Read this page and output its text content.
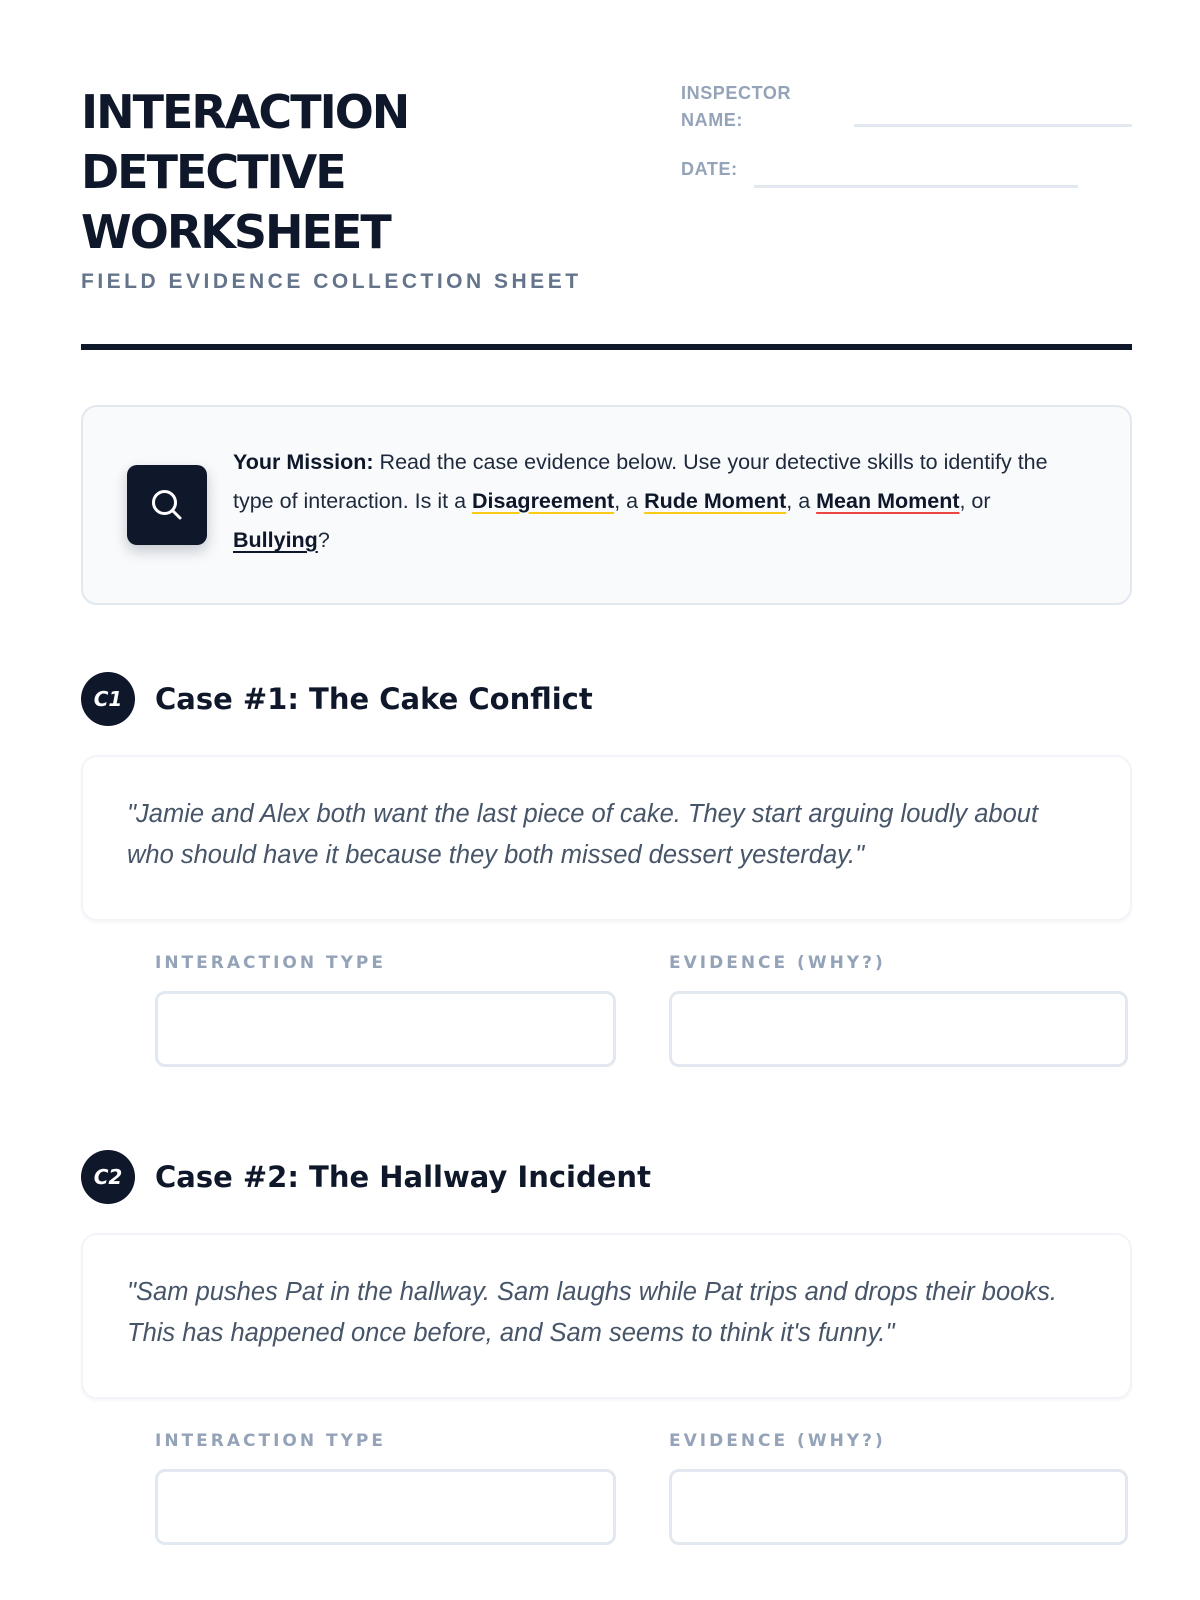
INTERACTION
DETECTIVE
WORKSHEET

FIELD EVIDENCE COLLECTION SHEET

INSPECTOR
NAME:
DATE:

Your Mission: Read the case evidence below. Use your detective skills to identify the type of interaction. Is it a Disagreement, a Rude Moment, a Mean Moment, or Bullying?

C1	Case #1: The Cake Conflict

"Jamie and Alex both want the last piece of cake. They start arguing loudly about who should have it because they both missed dessert yesterday."

INTERACTION TYPE	EVIDENCE (WHY?)
C2	Case #2: The Hallway Incident

"Sam pushes Pat in the hallway. Sam laughs while Pat trips and drops their books. This has happened once before, and Sam seems to think it's funny."

INTERACTION TYPE	EVIDENCE (WHY?)
